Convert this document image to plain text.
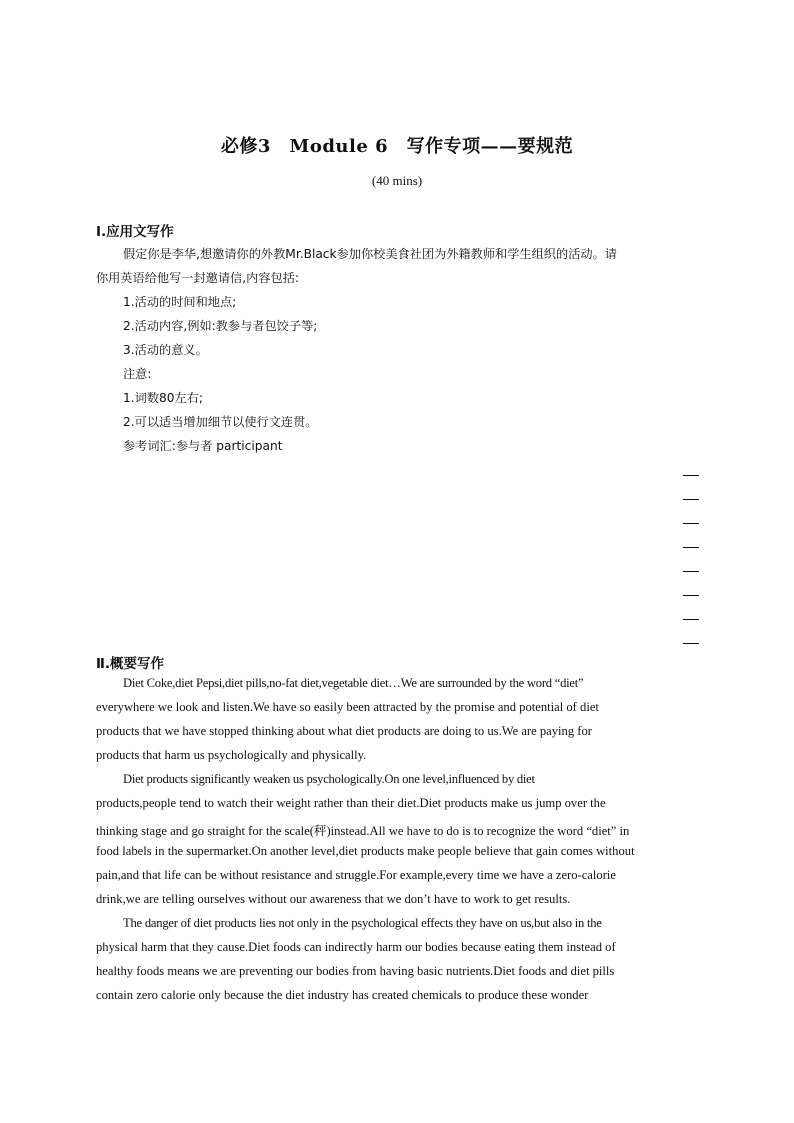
必修3　Module 6　写作专项——要规范
(40 mins)
Ⅰ.应用文写作
假定你是李华,想邀请你的外教Mr.Black参加你校美食社团为外籍教师和学生组织的活动。请
你用英语给他写一封邀请信,内容包括:
1.活动的时间和地点;
2.活动内容,例如:教参与者包饺子等;
3.活动的意义。
注意:
1.词数80左右;
2.可以适当增加细节以使行文连贯。
参考词汇:参与者 participant
Ⅱ.概要写作
Diet Coke,diet Pepsi,diet pills,no-fat diet,vegetable diet…We are surrounded by the word “diet”
everywhere we look and listen.We have so easily been attracted by the promise and potential of diet
products that we have stopped thinking about what diet products are doing to us.We are paying for
products that harm us psychologically and physically.
Diet products significantly weaken us psychologically.On one level,influenced by diet
products,people tend to watch their weight rather than their diet.Diet products make us jump over the
thinking stage and go straight for the scale(秤)instead.All we have to do is to recognize the word “diet” in
food labels in the supermarket.On another level,diet products make people believe that gain comes without
pain,and that life can be without resistance and struggle.For example,every time we have a zero-calorie
drink,we are telling ourselves without our awareness that we don’t have to work to get results.
The danger of diet products lies not only in the psychological effects they have on us,but also in the
physical harm that they cause.Diet foods can indirectly harm our bodies because eating them instead of
healthy foods means we are preventing our bodies from having basic nutrients.Diet foods and diet pills
contain zero calorie only because the diet industry has created chemicals to produce these wonder
